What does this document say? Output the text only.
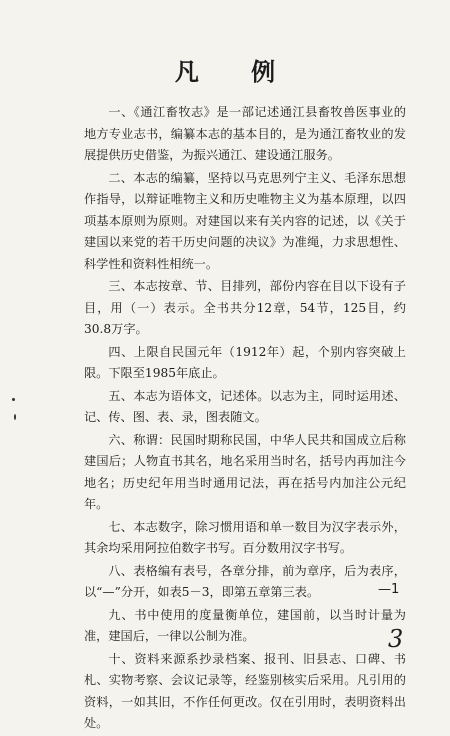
凡 例

一、《通江畜牧志》是一部记述通江县畜牧兽医事业的地方专业志书，编纂本志的基本目的，是为通江畜牧业的发展提供历史借鉴，为振兴通江、建设通江服务。

二、本志的编纂，坚持以马克思列宁主义、毛泽东思想作指导，以辩证唯物主义和历史唯物主义为基本原理，以四项基本原则为原则。对建国以来有关内容的记述，以《关于建国以来党的若干历史问题的决议》为准绳，力求思想性、科学性和资料性相统一。

三、本志按章、节、目排列，部份内容在目以下设有子目，用（一）表示。全书共分12章，54节，125目，约30.8万字。

四、上限自民国元年（1912年）起，个别内容突破上限。下限至1985年底止。

五、本志为语体文，记述体。以志为主，同时运用述、记、传、图、表、录，图表随文。

六、称谓：民国时期称民国，中华人民共和国成立后称建国后；人物直书其名，地名采用当时名，括号内再加注今地名；历史纪年用当时通用记法，再在括号内加注公元纪年。

七、本志数字，除习惯用语和单一数目为汉字表示外，其余均采用阿拉伯数字书写。百分数用汉字书写。

八、表格编有表号，各章分排，前为章序，后为表序，以“—”分开，如表5－3，即第五章第三表。

九、书中使用的度量衡单位，建国前，以当时计量为准，建国后，一律以公制为准。

十、资料来源系抄录档案、报刊、旧县志、口碑、书札、实物考察、会议记录等，经鉴别核实后采用。凡引用的资料，一如其旧，不作任何更改。仅在引用时，表明资料出处。

—1
3
